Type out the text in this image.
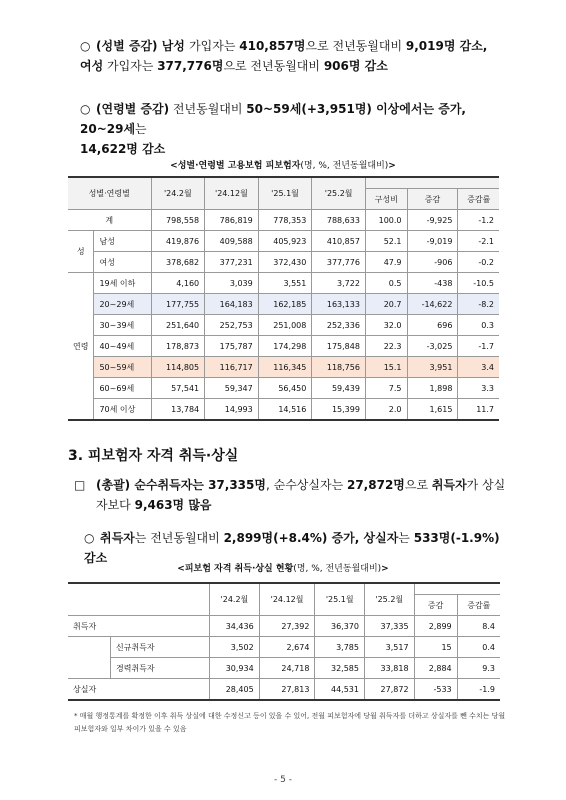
○ (성별 증감) 남성 가입자는 410,857명으로 전년동월대비 9,019명 감소,
여성 가입자는 377,776명으로 전년동월대비 906명 감소
○ (연령별 증감) 전년동월대비 50~59세(+3,951명) 이상에서는 증가, 20~29세는
14,622명 감소
<성별·연령별 고용보험 피보험자(명, %, 전년동월대비)>
성별·연령별		'24.2월	'24.12월	'25.1월	'25.2월			
						구성비	증감	증감률
계		798,558	786,819	778,353	788,633	100.0	-9,925	-1.2
성	남성	419,876	409,588	405,923	410,857	52.1	-9,019	-2.1
	여성	378,682	377,231	372,430	377,776	47.9	-906	-0.2
연령	19세 이하	4,160	3,039	3,551	3,722	0.5	-438	-10.5
	20~29세	177,755	164,183	162,185	163,133	20.7	-14,622	-8.2
	30~39세	251,640	252,753	251,008	252,336	32.0	696	0.3
	40~49세	178,873	175,787	174,298	175,848	22.3	-3,025	-1.7
	50~59세	114,805	116,717	116,345	118,756	15.1	3,951	3.4
	60~69세	57,541	59,347	56,450	59,439	7.5	1,898	3.3
	70세 이상	13,784	14,993	14,516	15,399	2.0	1,615	11.7
3. 피보험자 자격 취득·상실
□ (총괄) 순수취득자는 37,335명, 순수상실자는 27,872명으로 취득자가 상실
자보다 9,463명 많음
○ 취득자는 전년동월대비 2,899명(+8.4%) 증가, 상실자는 533명(-1.9%) 감소
<피보험 자격 취득·상실 현황(명, %, 전년동월대비)>
		'24.2월	'24.12월	'25.1월	'25.2월		
						증감	증감률
취득자		34,436	27,392	36,370	37,335	2,899	8.4
	신규취득자	3,502	2,674	3,785	3,517	15	0.4
	경력취득자	30,934	24,718	32,585	33,818	2,884	9.3
상실자		28,405	27,813	44,531	27,872	-533	-1.9
* 매월 행정통계를 확정한 이후 취득 상실에 대한 수정신고 등이 있을 수 있어, 전월 피보험자에 당월 취득자를 더하고 상실자를 뺀 수치는 당월 피보험자와 일부 차이가 있을 수 있음
- 5 -
